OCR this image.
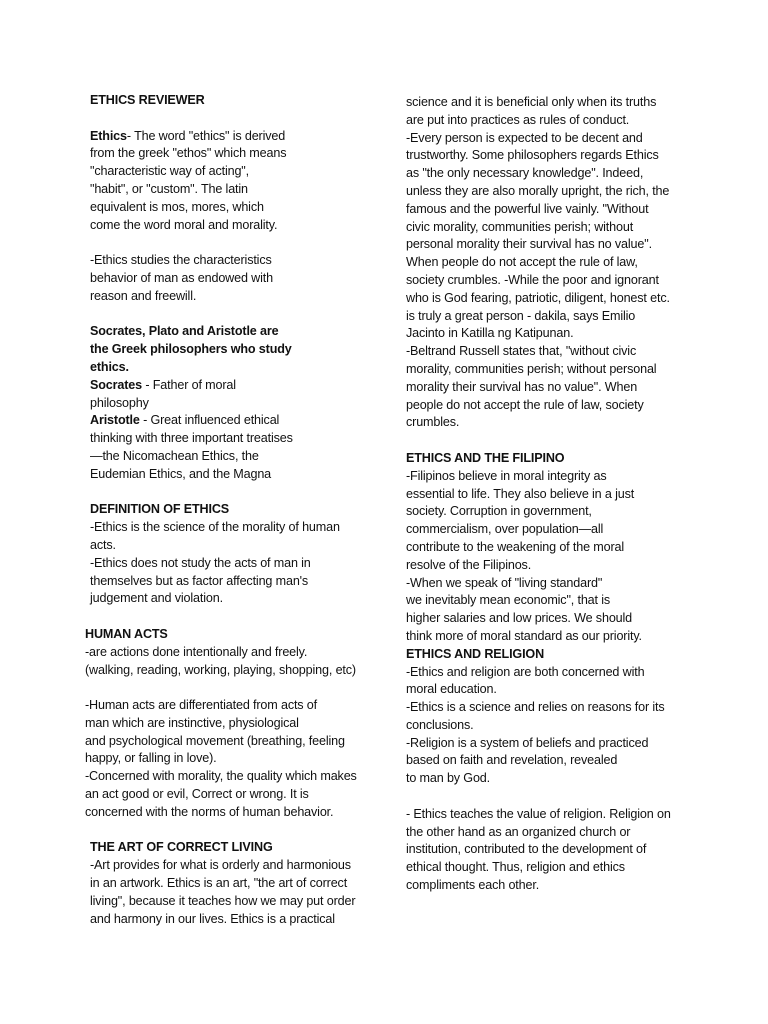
ETHICS REVIEWER
Ethics- The word "ethics" is derived
from the greek "ethos" which means
"characteristic way of acting",
"habit", or "custom". The latin
equivalent is mos, mores, which
come the word moral and morality.
-Ethics studies the characteristics
behavior of man as endowed with
reason and freewill.
Socrates, Plato and Aristotle are
the Greek philosophers who study
ethics.
Socrates - Father of moral
philosophy
Aristotle - Great influenced ethical
thinking with three important treatises
—the Nicomachean Ethics, the
Eudemian Ethics, and the Magna
DEFINITION OF ETHICS
-Ethics is the science of the morality of human
acts.
-Ethics does not study the acts of man in
themselves but as factor affecting man's
judgement and violation.
HUMAN ACTS
-are actions done intentionally and freely.
(walking, reading, working, playing, shopping, etc)
-Human acts are differentiated from acts of
man which are instinctive, physiological
and psychological movement (breathing, feeling
happy, or falling in love).
-Concerned with morality, the quality which makes
an act good or evil, Correct or wrong. It is
concerned with the norms of human behavior.
THE ART OF CORRECT LIVING
-Art provides for what is orderly and harmonious
in an artwork. Ethics is an art, "the art of correct
living", because it teaches how we may put order
and harmony in our lives. Ethics is a practical
science and it is beneficial only when its truths
are put into practices as rules of conduct.
-Every person is expected to be decent and
trustworthy. Some philosophers regards Ethics
as "the only necessary knowledge". Indeed,
unless they are also morally upright, the rich, the
famous and the powerful live vainly. "Without
civic morality, communities perish; without
personal morality their survival has no value".
When people do not accept the rule of law,
society crumbles. -While the poor and ignorant
who is God fearing, patriotic, diligent, honest etc.
is truly a great person - dakila, says Emilio
Jacinto in Katilla ng Katipunan.
-Beltrand Russell states that, "without civic
morality, communities perish; without personal
morality their survival has no value". When
people do not accept the rule of law, society
crumbles.
ETHICS AND THE FILIPINO
-Filipinos believe in moral integrity as
essential to life. They also believe in a just
society. Corruption in government,
commercialism, over population—all
contribute to the weakening of the moral
resolve of the Filipinos.
-When we speak of "living standard"
we inevitably mean economic", that is
higher salaries and low prices. We should
think more of moral standard as our priority.
ETHICS AND RELIGION
-Ethics and religion are both concerned with
moral education.
-Ethics is a science and relies on reasons for its
conclusions.
-Religion is a system of beliefs and practiced
based on faith and revelation, revealed
to man by God.
- Ethics teaches the value of religion. Religion on
the other hand as an organized church or
institution, contributed to the development of
ethical thought. Thus, religion and ethics
compliments each other.
